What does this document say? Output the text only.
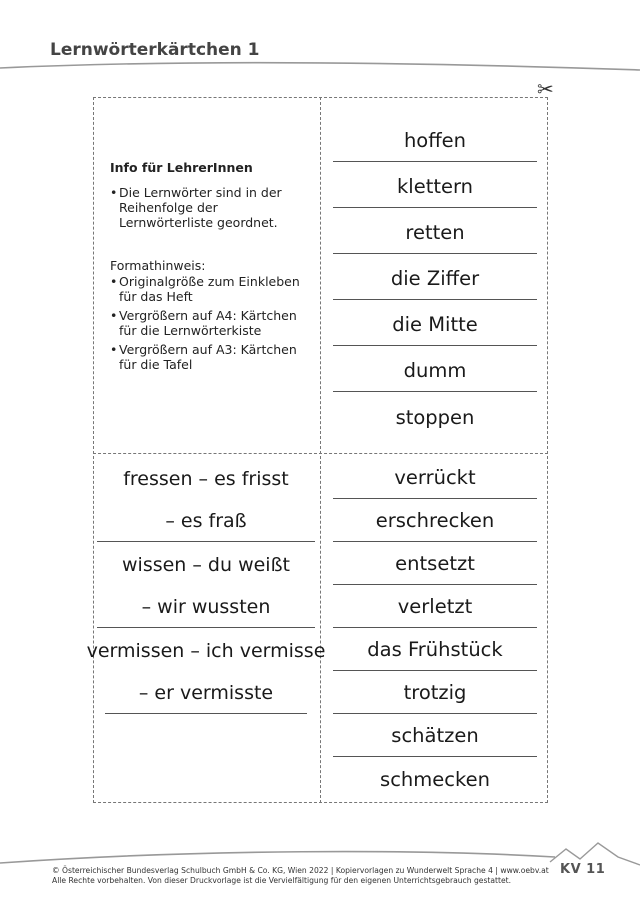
Lernwörterkärtchen 1
✂
Info für LehrerInnen
• Die Lernwörter sind in der Reihenfolge der Lernwörterliste geordnet.
Formathinweis:
• Originalgröße zum Einkleben für das Heft
• Vergrößern auf A4: Kärtchen für die Lernwörterkiste
• Vergrößern auf A3: Kärtchen für die Tafel
hoffen
klettern
retten
die Ziffer
die Mitte
dumm
stoppen
fressen – es frisst
– es fraß
wissen – du weißt
– wir wussten
vermissen – ich vermisse
– er vermisste
verrückt
erschrecken
entsetzt
verletzt
das Frühstück
trotzig
schätzen
schmecken
© Österreichischer Bundesverlag Schulbuch GmbH & Co. KG, Wien 2022 | Kopiervorlagen zu Wunderwelt Sprache 4 | www.oebv.at
Alle Rechte vorbehalten. Von dieser Druckvorlage ist die Vervielfältigung für den eigenen Unterrichtsgebrauch gestattet.
KV 11
